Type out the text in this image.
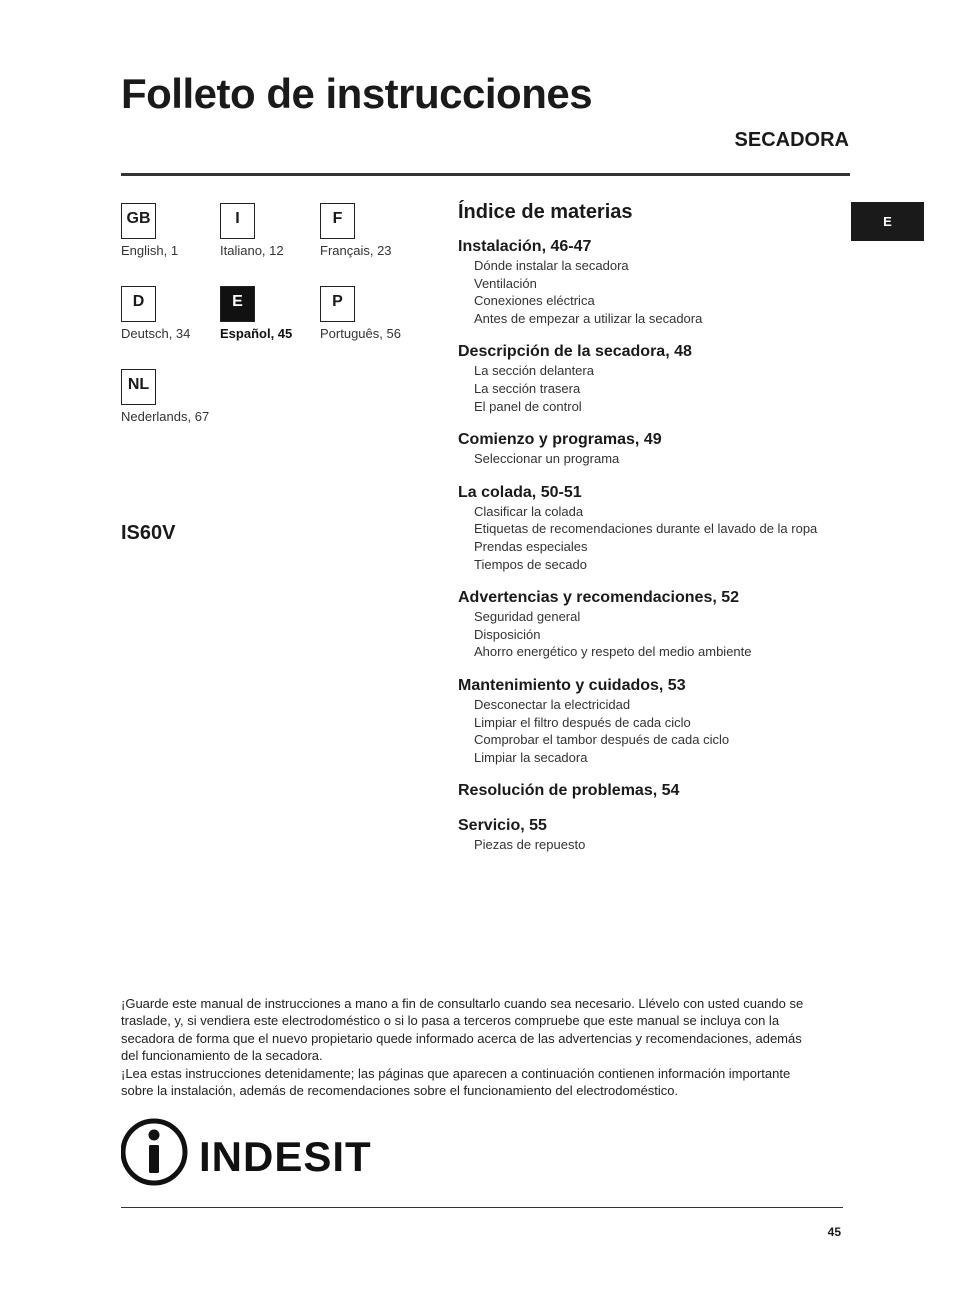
Folleto de instrucciones
SECADORA
E
GB
English, 1
I
Italiano, 12
F
Français, 23
D
Deutsch, 34
E
Español, 45
P
Português, 56
NL
Nederlands, 67
IS60V
Índice de materias
Instalación, 46-47
Dónde instalar la secadora
Ventilación
Conexiones eléctrica
Antes de empezar a utilizar la secadora
Descripción de la secadora, 48
La sección delantera
La sección trasera
El panel de control
Comienzo y programas, 49
Seleccionar un programa
La colada, 50-51
Clasificar la colada
Etiquetas de recomendaciones durante el lavado de la ropa
Prendas especiales
Tiempos de secado
Advertencias y recomendaciones, 52
Seguridad general
Disposición
Ahorro energético y respeto del medio ambiente
Mantenimiento y cuidados, 53
Desconectar la electricidad
Limpiar el filtro después de cada ciclo
Comprobar el tambor después de cada ciclo
Limpiar la secadora
Resolución de problemas, 54
Servicio, 55
Piezas de repuesto

¡Guarde este manual de instrucciones a mano a fin de consultarlo cuando sea necesario. Llévelo con usted cuando se traslade, y, si vendiera este electrodoméstico o si lo pasa a terceros compruebe que este manual se incluya con la secadora de forma que el nuevo propietario quede informado acerca de las advertencias y recomendaciones, además del funcionamiento de la secadora.

¡Lea estas instrucciones detenidamente; las páginas que aparecen a continuación contienen información importante sobre la instalación, además de recomendaciones sobre el funcionamiento del electrodoméstico.

INDESIT
45
